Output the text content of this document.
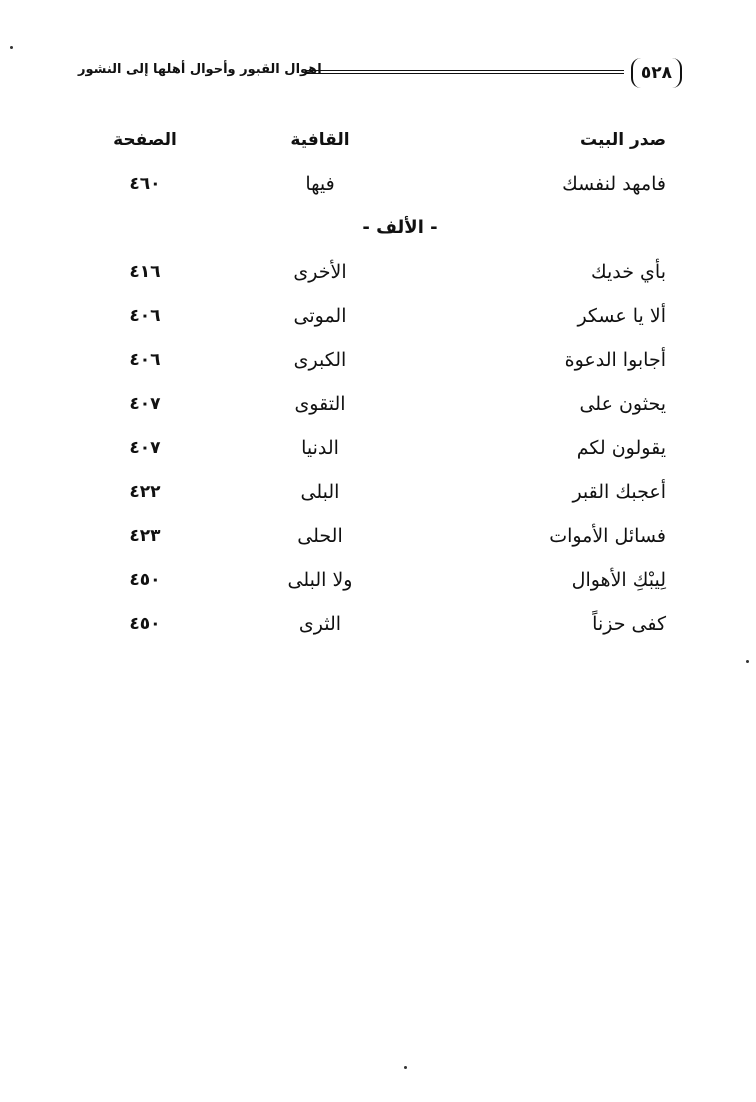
٥٢٨
اهوال القبور وأحوال أهلها إلى النشور
صدر البيت
القافية
الصفحة
فامهد لنفسك
فيها
٤٦٠
- الألف -
بأي خديك
الأخرى
٤١٦
ألا يا عسكر
الموتى
٤٠٦
أجابوا الدعوة
الكبرى
٤٠٦
يحثون على
التقوى
٤٠٧
يقولون لكم
الدنيا
٤٠٧
أعجبك القبر
البلى
٤٢٢
فسائل الأموات
الحلى
٤٢٣
لِيبْكِ الأهوال
ولا البلى
٤٥٠
كفى حزناً
الثرى
٤٥٠
